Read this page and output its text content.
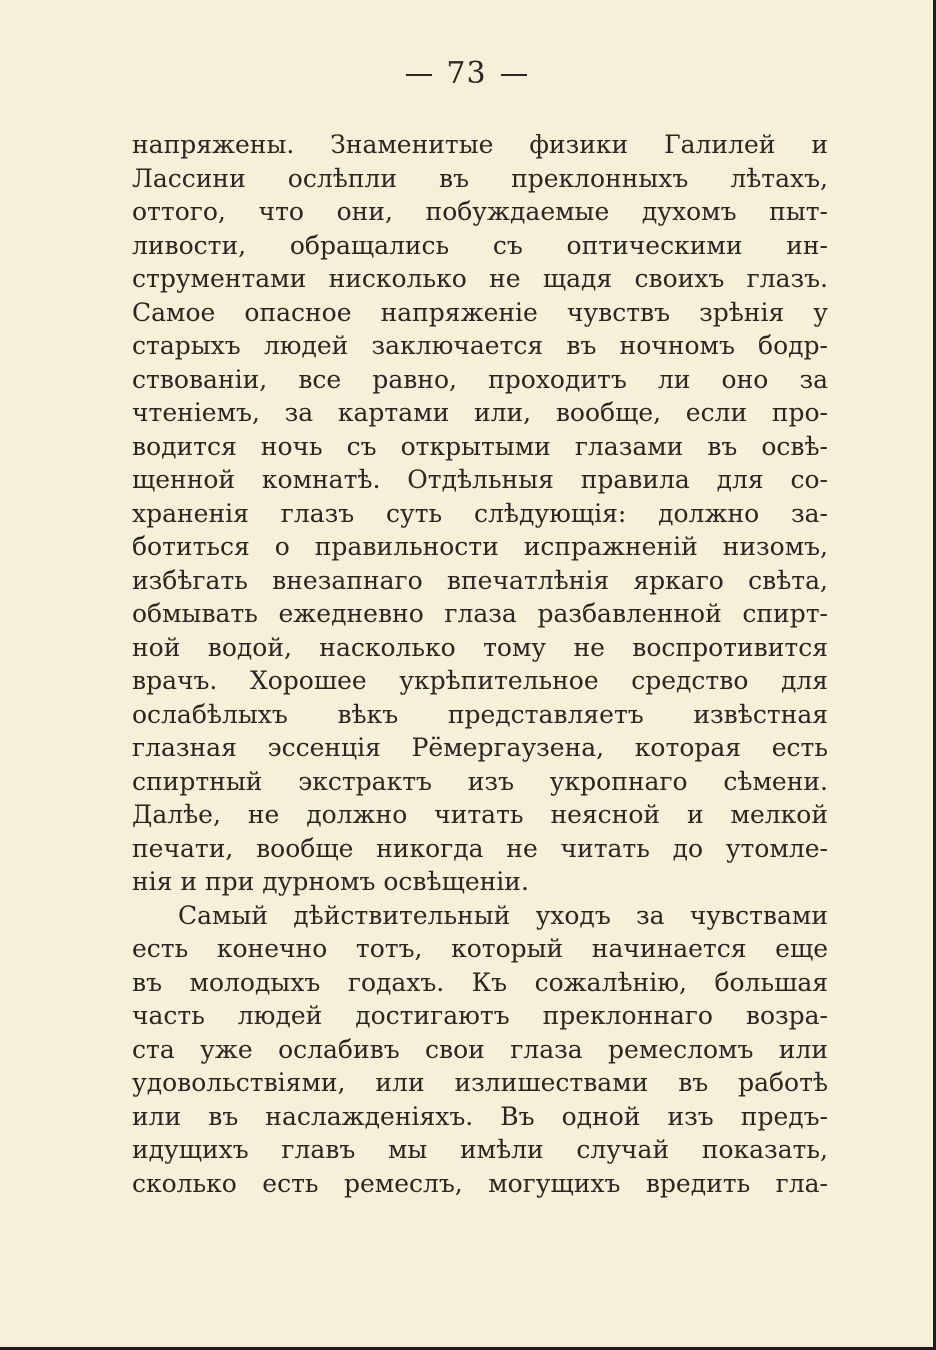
73
напряжены. Знаменитые физики Галилей и
Лассини ослѣпли въ преклонныхъ лѣтахъ,
оттого, что они, побуждаемые духомъ пыт-
ливости, обращались съ оптическими ин-
струментами нисколько не щадя своихъ глазъ.
Самое опасное напряженіе чувствъ зрѣнія у
старыхъ людей заключается въ ночномъ бодр-
ствованіи, все равно, проходитъ ли оно за
чтеніемъ, за картами или, вообще, если про-
водится ночь съ открытыми глазами въ освѣ-
щенной комнатѣ. Отдѣльныя правила для со-
храненія глазъ суть слѣдующія: должно за-
ботиться о правильности испражненій низомъ,
избѣгать внезапнаго впечатлѣнія яркаго свѣта,
обмывать ежедневно глаза разбавленной спирт-
ной водой, насколько тому не воспротивится
врачъ. Хорошее укрѣпительное средство для
ослабѣлыхъ вѣкъ представляетъ извѣстная
глазная эссенція Рёмергаузена, которая есть
спиртный экстрактъ изъ укропнаго сѣмени.
Далѣе, не должно читать неясной и мелкой
печати, вообще никогда не читать до утомле-
нія и при дурномъ освѣщеніи.
Самый дѣйствительный уходъ за чувствами
есть конечно тотъ, который начинается еще
въ молодыхъ годахъ. Къ сожалѣнію, большая
часть людей достигаютъ преклоннаго возра-
ста уже ослабивъ свои глаза ремесломъ или
удовольствіями, или излишествами въ работѣ
или въ наслажденіяхъ. Въ одной изъ предъ-
идущихъ главъ мы имѣли случай показать,
сколько есть ремеслъ, могущихъ вредить гла-
